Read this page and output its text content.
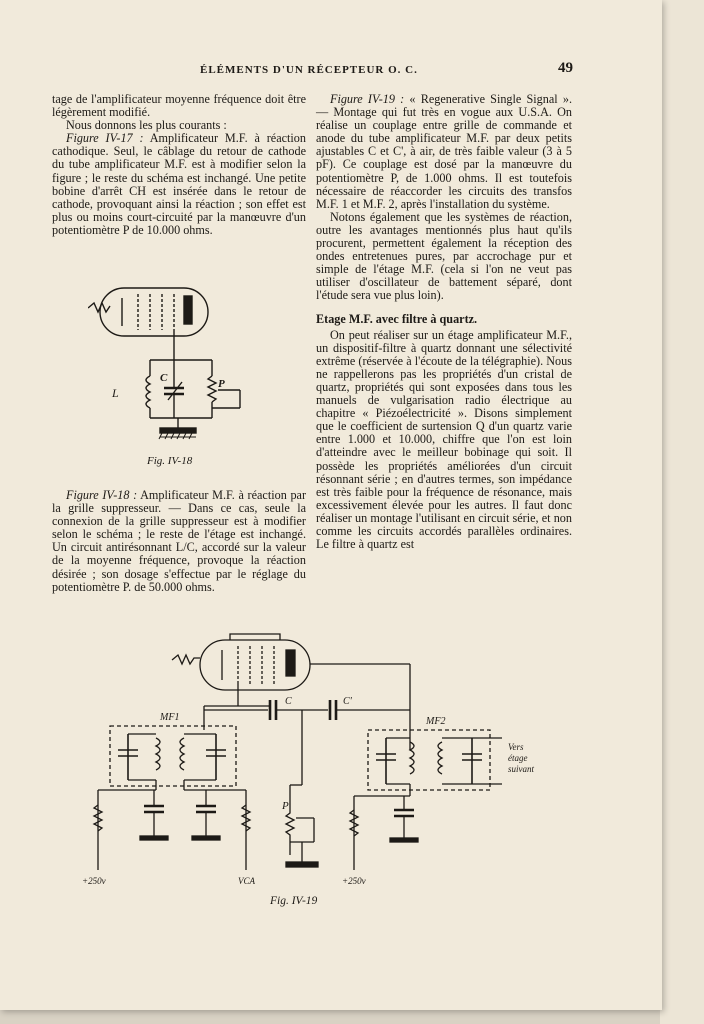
ÉLÉMENTS D'UN RÉCEPTEUR O. C.	49

tage de l'amplificateur moyenne fréquence doit être légèrement modifié.

Nous donnons les plus courants :

Figure IV-17 : Amplificateur M.F. à réaction cathodique. Seul, le câblage du retour de cathode du tube amplificateur M.F. est à modifier selon la figure ; le reste du schéma est inchangé. Une petite bobine d'arrêt CH est insérée dans le retour de cathode, provoquant ainsi la réaction ; son effet est plus ou moins court-circuité par la manœuvre d'un potentiomètre P de 10.000 ohms.

L
C	P
Fig. IV-18

Figure IV-18 : Amplificateur M.F. à réaction par la grille suppresseur. — Dans ce cas, seule la connexion de la grille suppresseur est à modifier selon le schéma ; le reste de l'étage est inchangé. Un circuit antirésonnant L/C, accordé sur la valeur de la moyenne fréquence, provoque la réaction désirée ; son dosage s'effectue par le réglage du potentiomètre P. de 50.000 ohms.

Figure IV-19 : « Regenerative Single Signal ». — Montage qui fut très en vogue aux U.S.A. On réalise un couplage entre grille de commande et anode du tube amplificateur M.F. par deux petits ajustables C et C', à air, de très faible valeur (3 à 5 pF). Ce couplage est dosé par la manœuvre du potentiomètre P, de 1.000 ohms. Il est toutefois nécessaire de réaccorder les circuits des transfos M.F. 1 et M.F. 2, après l'installation du système.

Notons également que les systèmes de réaction, outre les avantages mentionnés plus haut qu'ils procurent, permettent également la réception des ondes entretenues pures, par accrochage pur et simple de l'étage M.F. (cela si l'on ne veut pas utiliser d'oscillateur de battement séparé, dont l'étude sera vue plus loin).

Etage M.F. avec filtre à quartz.

On peut réaliser sur un étage amplificateur M.F., un dispositif-filtre à quartz donnant une sélectivité extrême (réservée à l'écoute de la télégraphie). Nous ne rappellerons pas les propriétés d'un cristal de quartz, propriétés qui sont exposées dans tous les manuels de vulgarisation radio électrique au chapitre « Piézoélectricité ». Disons simplement que le coefficient de surtension Q d'un quartz varie entre 1.000 et 10.000, chiffre que l'on est loin d'atteindre avec le meilleur bobinage qui soit. Il possède les propriétés améliorées d'un circuit résonnant série ; en d'autres termes, son impédance est très faible pour la fréquence de résonance, mais excessivement élevée pour les autres. Il faut donc réaliser un montage l'utilisant en circuit série, et non comme les circuits accordés parallèles ordinaires. Le filtre à quartz est

MF1	MF2
C	C'
P
Vers
étage
suivant
+250v	VCA	+250v
Fig. IV-19
